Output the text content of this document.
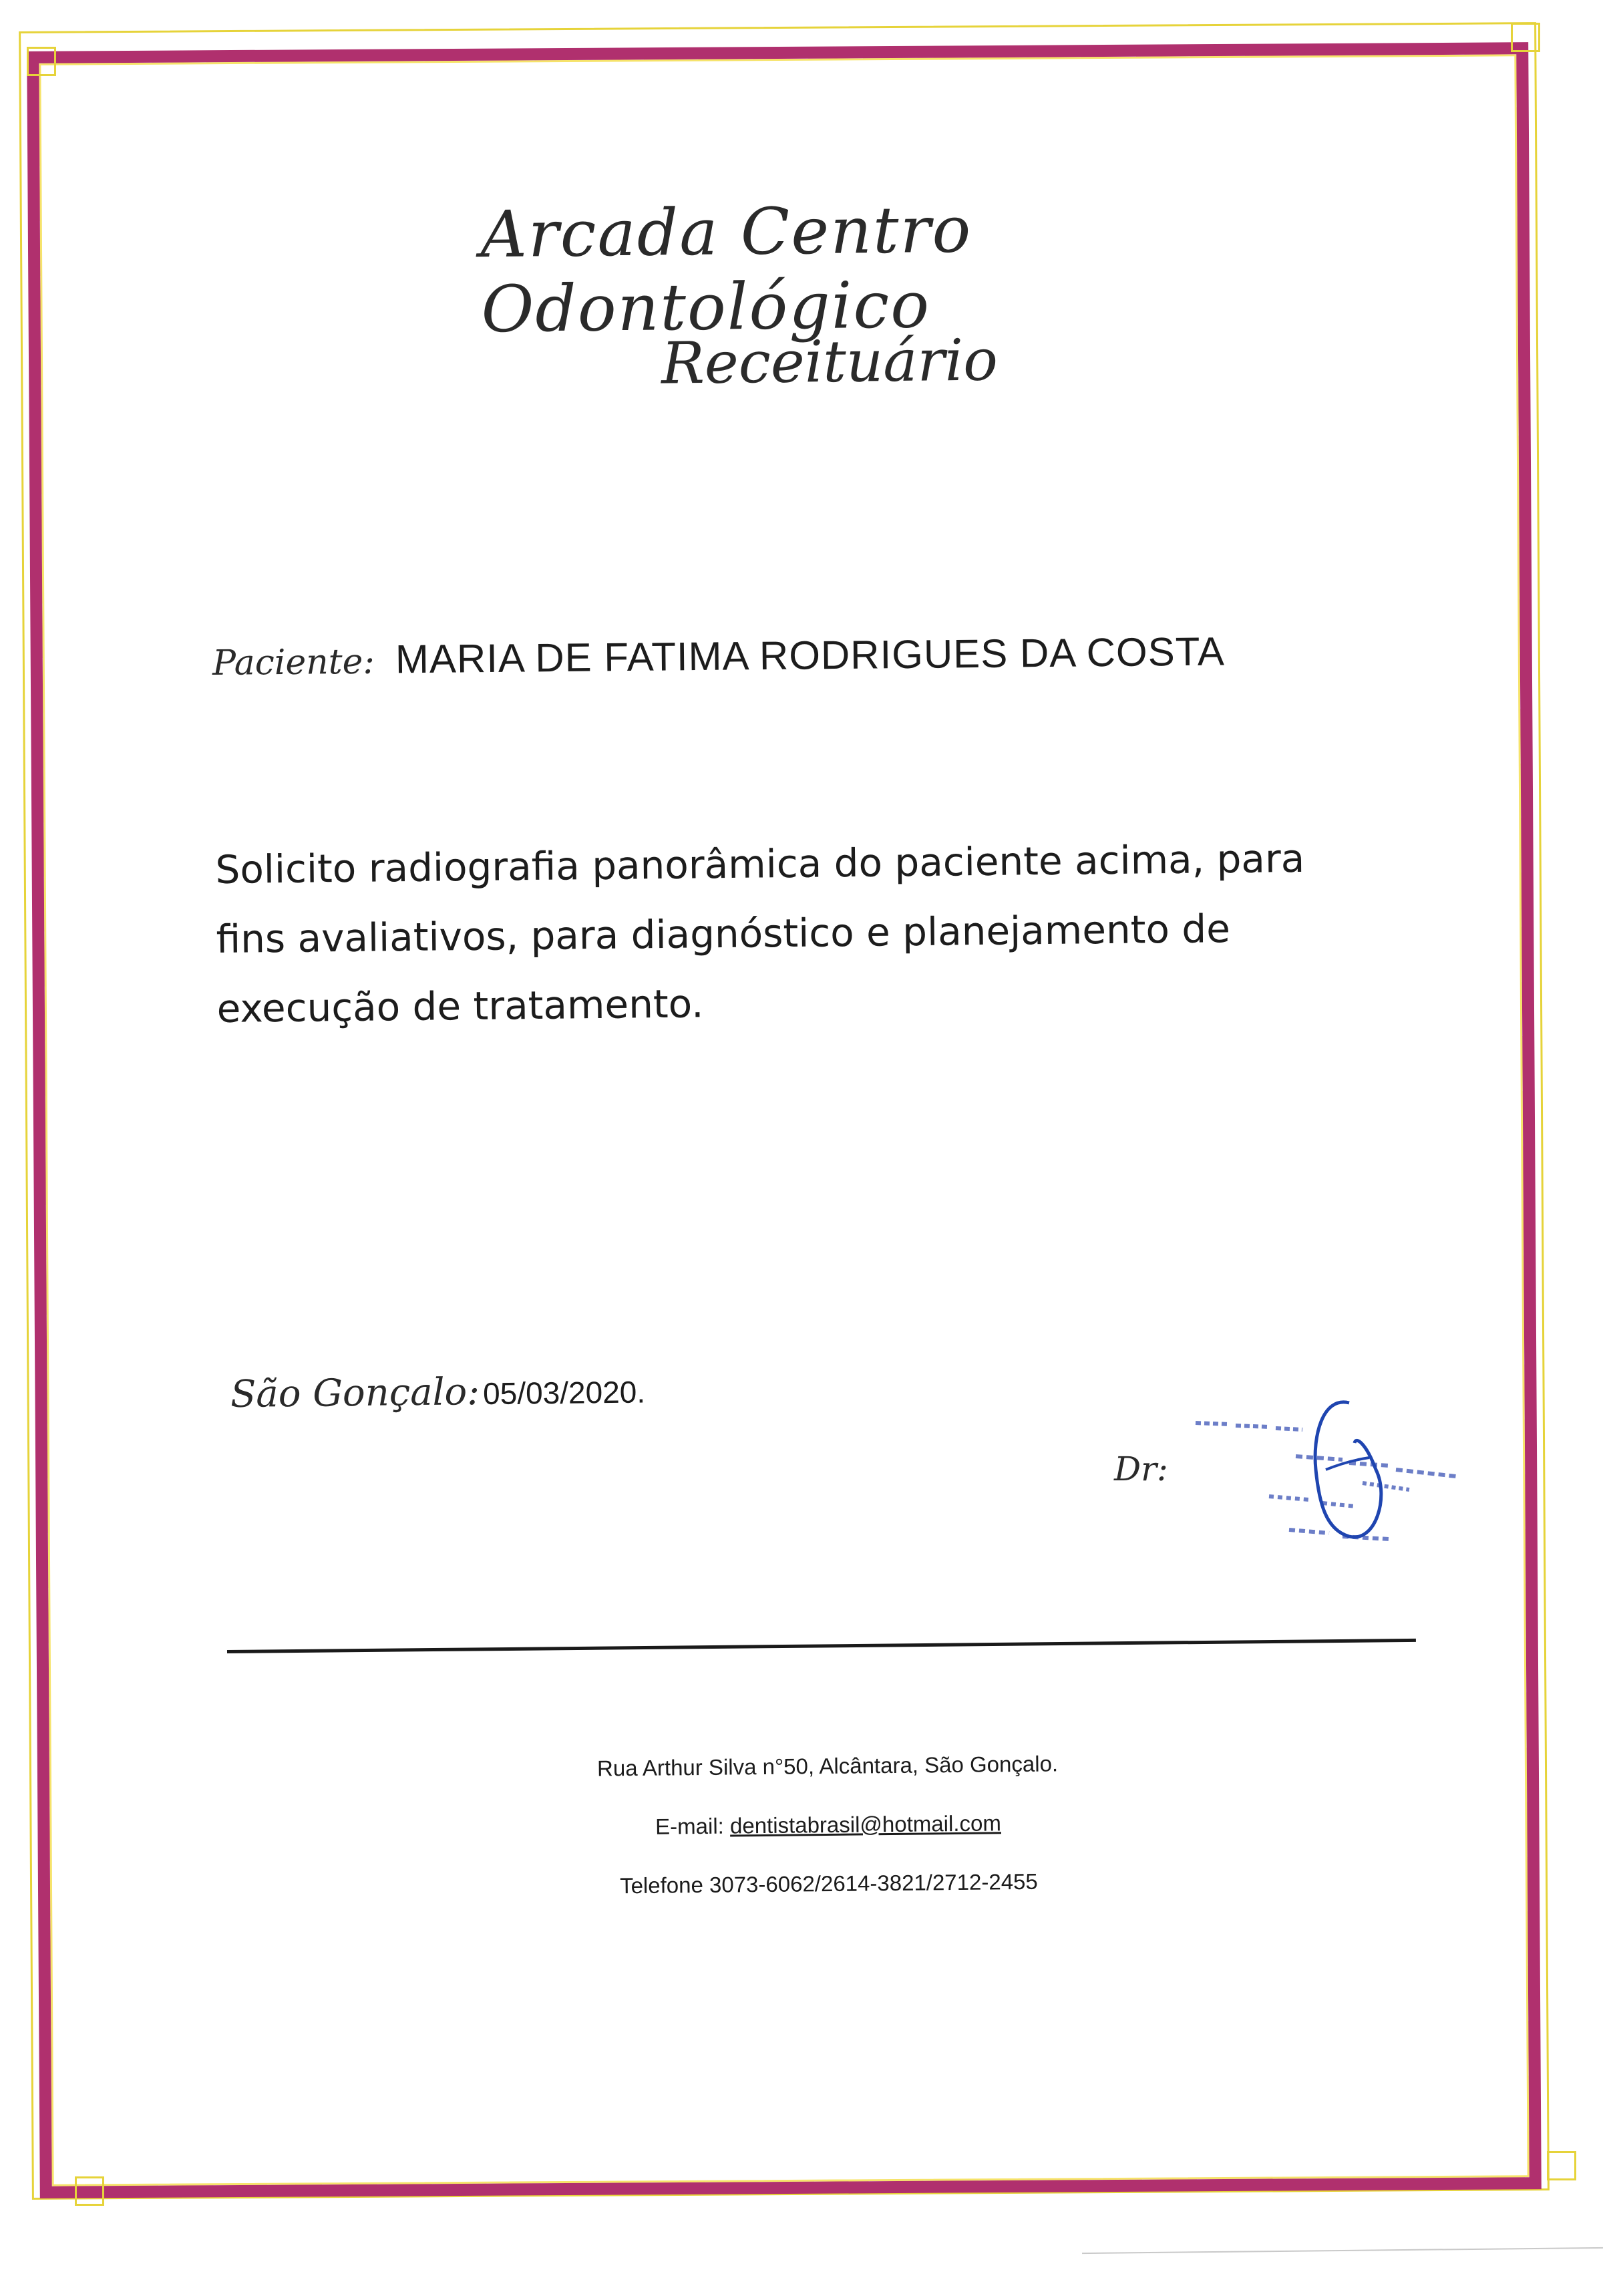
Arcada Centro Odontológico
Receituário
Paciente: MARIA DE FATIMA RODRIGUES DA COSTA
Solicito radiografia panorâmica do paciente acima, para
fins avaliativos, para diagnóstico e planejamento de
execução de tratamento.
São Gonçalo: 05/03/2020.
Dr:
Rua Arthur Silva n°50, Alcântara, São Gonçalo.
E-mail: dentistabrasil@hotmail.com
Telefone 3073-6062/2614-3821/2712-2455
